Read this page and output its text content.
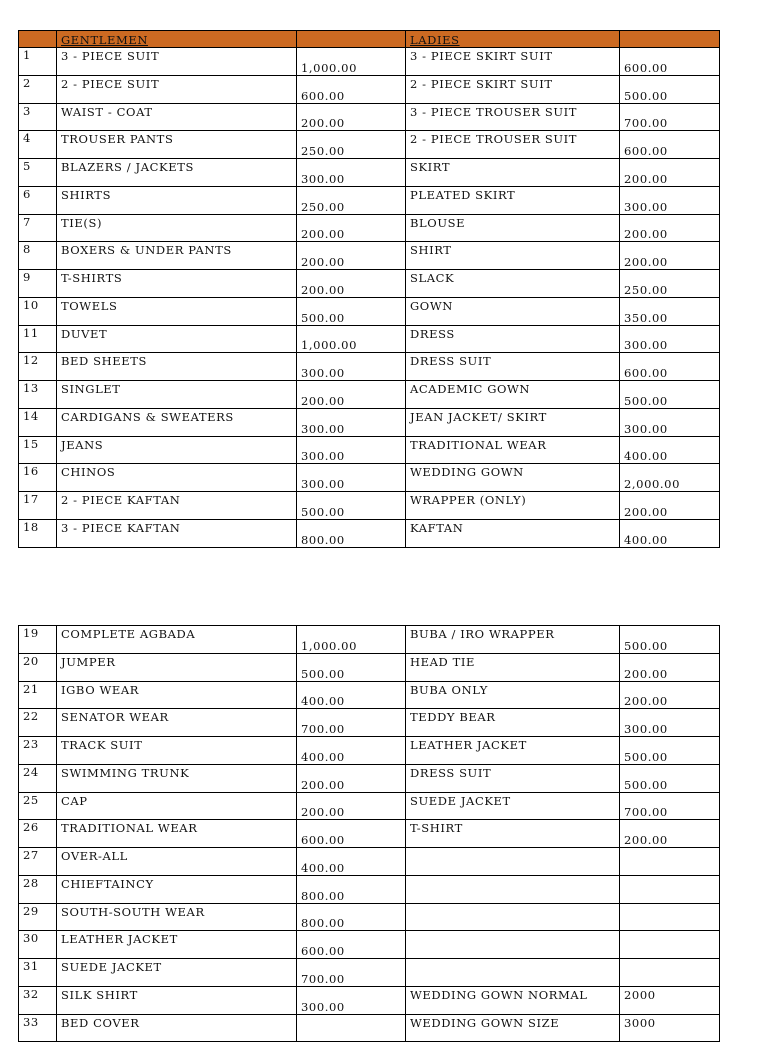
	GENTLEMEN		LADIES	
1	3 - PIECE SUIT	1,000.00	3 - PIECE SKIRT SUIT	600.00
2	2 - PIECE SUIT	600.00	2 - PIECE SKIRT SUIT	500.00
3	WAIST - COAT	200.00	3 - PIECE TROUSER SUIT	700.00
4	TROUSER PANTS	250.00	2 - PIECE TROUSER SUIT	600.00
5	BLAZERS / JACKETS	300.00	SKIRT	200.00
6	SHIRTS	250.00	PLEATED SKIRT	300.00
7	TIE(S)	200.00	BLOUSE	200.00
8	BOXERS & UNDER PANTS	200.00	SHIRT	200.00
9	T-SHIRTS	200.00	SLACK	250.00
10	TOWELS	500.00	GOWN	350.00
11	DUVET	1,000.00	DRESS	300.00
12	BED SHEETS	300.00	DRESS SUIT	600.00
13	SINGLET	200.00	ACADEMIC GOWN	500.00
14	CARDIGANS & SWEATERS	300.00	JEAN JACKET/ SKIRT	300.00
15	JEANS	300.00	TRADITIONAL WEAR	400.00
16	CHINOS	300.00	WEDDING GOWN	2,000.00
17	2 - PIECE KAFTAN	500.00	WRAPPER (ONLY)	200.00
18	3 - PIECE KAFTAN	800.00	KAFTAN	400.00
19	COMPLETE AGBADA	1,000.00	BUBA / IRO WRAPPER	500.00
20	JUMPER	500.00	HEAD TIE	200.00
21	IGBO WEAR	400.00	BUBA ONLY	200.00
22	SENATOR WEAR	700.00	TEDDY BEAR	300.00
23	TRACK SUIT	400.00	LEATHER JACKET	500.00
24	SWIMMING TRUNK	200.00	DRESS SUIT	500.00
25	CAP	200.00	SUEDE JACKET	700.00
26	TRADITIONAL WEAR	600.00	T-SHIRT	200.00
27	OVER-ALL	400.00		
28	CHIEFTAINCY	800.00		
29	SOUTH-SOUTH WEAR	800.00		
30	LEATHER JACKET	600.00		
31	SUEDE JACKET	700.00		
32	SILK SHIRT	300.00	WEDDING GOWN NORMAL	2000
33	BED COVER		WEDDING GOWN SIZE	3000
